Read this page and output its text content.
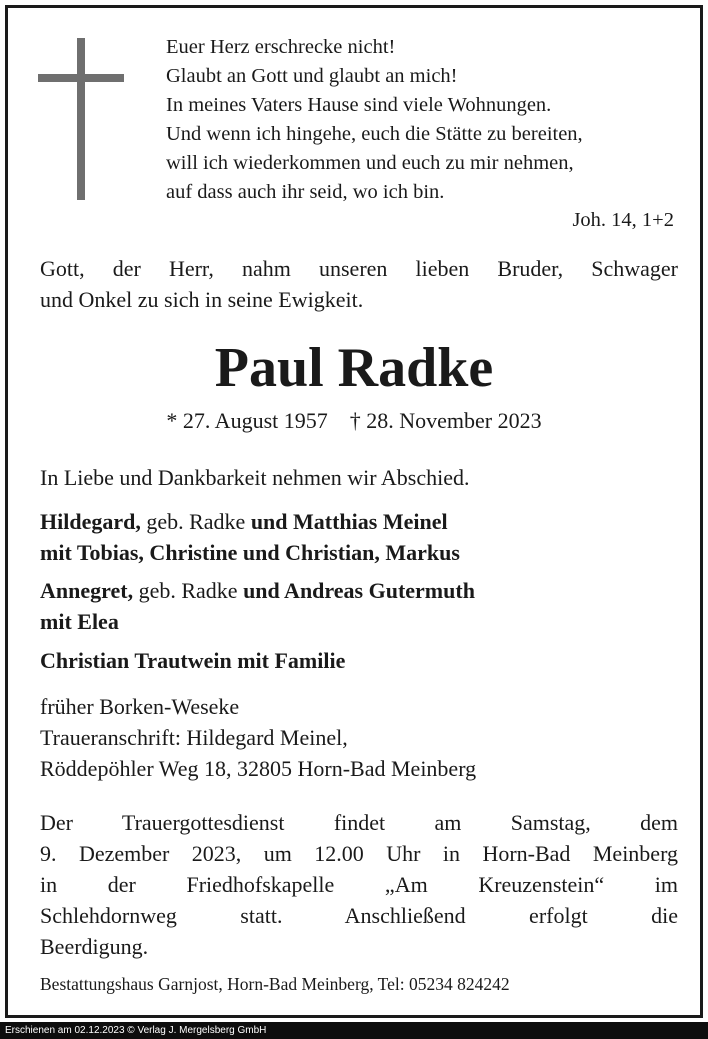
Euer Herz erschrecke nicht!
Glaubt an Gott und glaubt an mich!
In meines Vaters Hause sind viele Wohnungen.
Und wenn ich hingehe, euch die Stätte zu bereiten,
will ich wiederkommen und euch zu mir nehmen,
auf dass auch ihr seid, wo ich bin.
Joh. 14, 1+2
Gott, der Herr, nahm unseren lieben Bruder, Schwager
und Onkel zu sich in seine Ewigkeit.
Paul Radke
* 27. August 1957 † 28. November 2023
In Liebe und Dankbarkeit nehmen wir Abschied.
Hildegard, geb. Radke und Matthias Meinel
mit Tobias, Christine und Christian, Markus
Annegret, geb. Radke und Andreas Gutermuth
mit Elea
Christian Trautwein mit Familie
früher Borken-Weseke
Traueranschrift: Hildegard Meinel,
Röddepöhler Weg 18, 32805 Horn-Bad Meinberg
Der Trauergottesdienst findet am Samstag, dem
9. Dezember 2023, um 12.00 Uhr in Horn-Bad Meinberg
in der Friedhofskapelle „Am Kreuzenstein“ im
Schlehdornweg statt. Anschließend erfolgt die
Beerdigung.
Bestattungshaus Garnjost, Horn-Bad Meinberg, Tel: 05234 824242
Erschienen am 02.12.2023 © Verlag J. Mergelsberg GmbH
